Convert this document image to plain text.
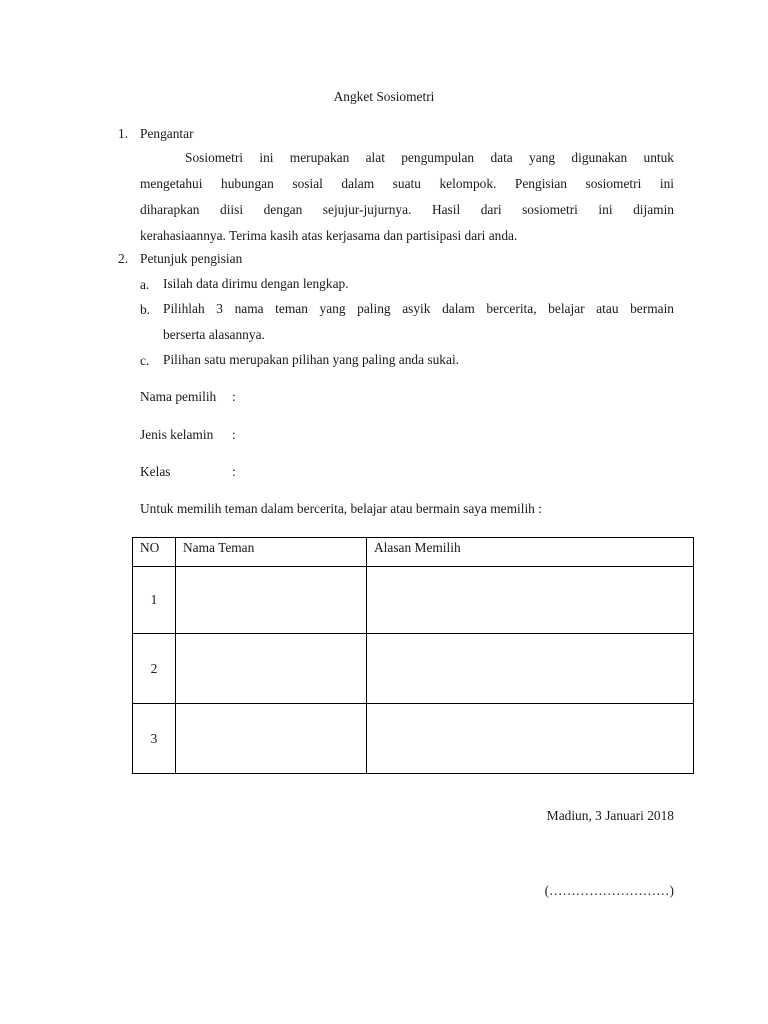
Angket Sosiometri
1. Pengantar
Sosiometri ini merupakan alat pengumpulan data yang digunakan untuk
mengetahui hubungan sosial dalam suatu kelompok. Pengisian sosiometri ini
diharapkan diisi dengan sejujur-jujurnya. Hasil dari sosiometri ini dijamin
kerahasiaannya. Terima kasih atas kerjasama dan partisipasi dari anda.
2. Petunjuk pengisian
a. Isilah data dirimu dengan lengkap.
b. Pilihlah 3 nama teman yang paling asyik dalam bercerita, belajar atau bermain
berserta alasannya.
c. Pilihan satu merupakan pilihan yang paling anda sukai.
Nama pemilih :
Jenis kelamin :
Kelas	:
Untuk memilih teman dalam bercerita, belajar atau bermain saya memilih :
NO	Nama Teman	Alasan Memilih
1		
2		
3		
Madiun, 3 Januari 2018
(………………………)
